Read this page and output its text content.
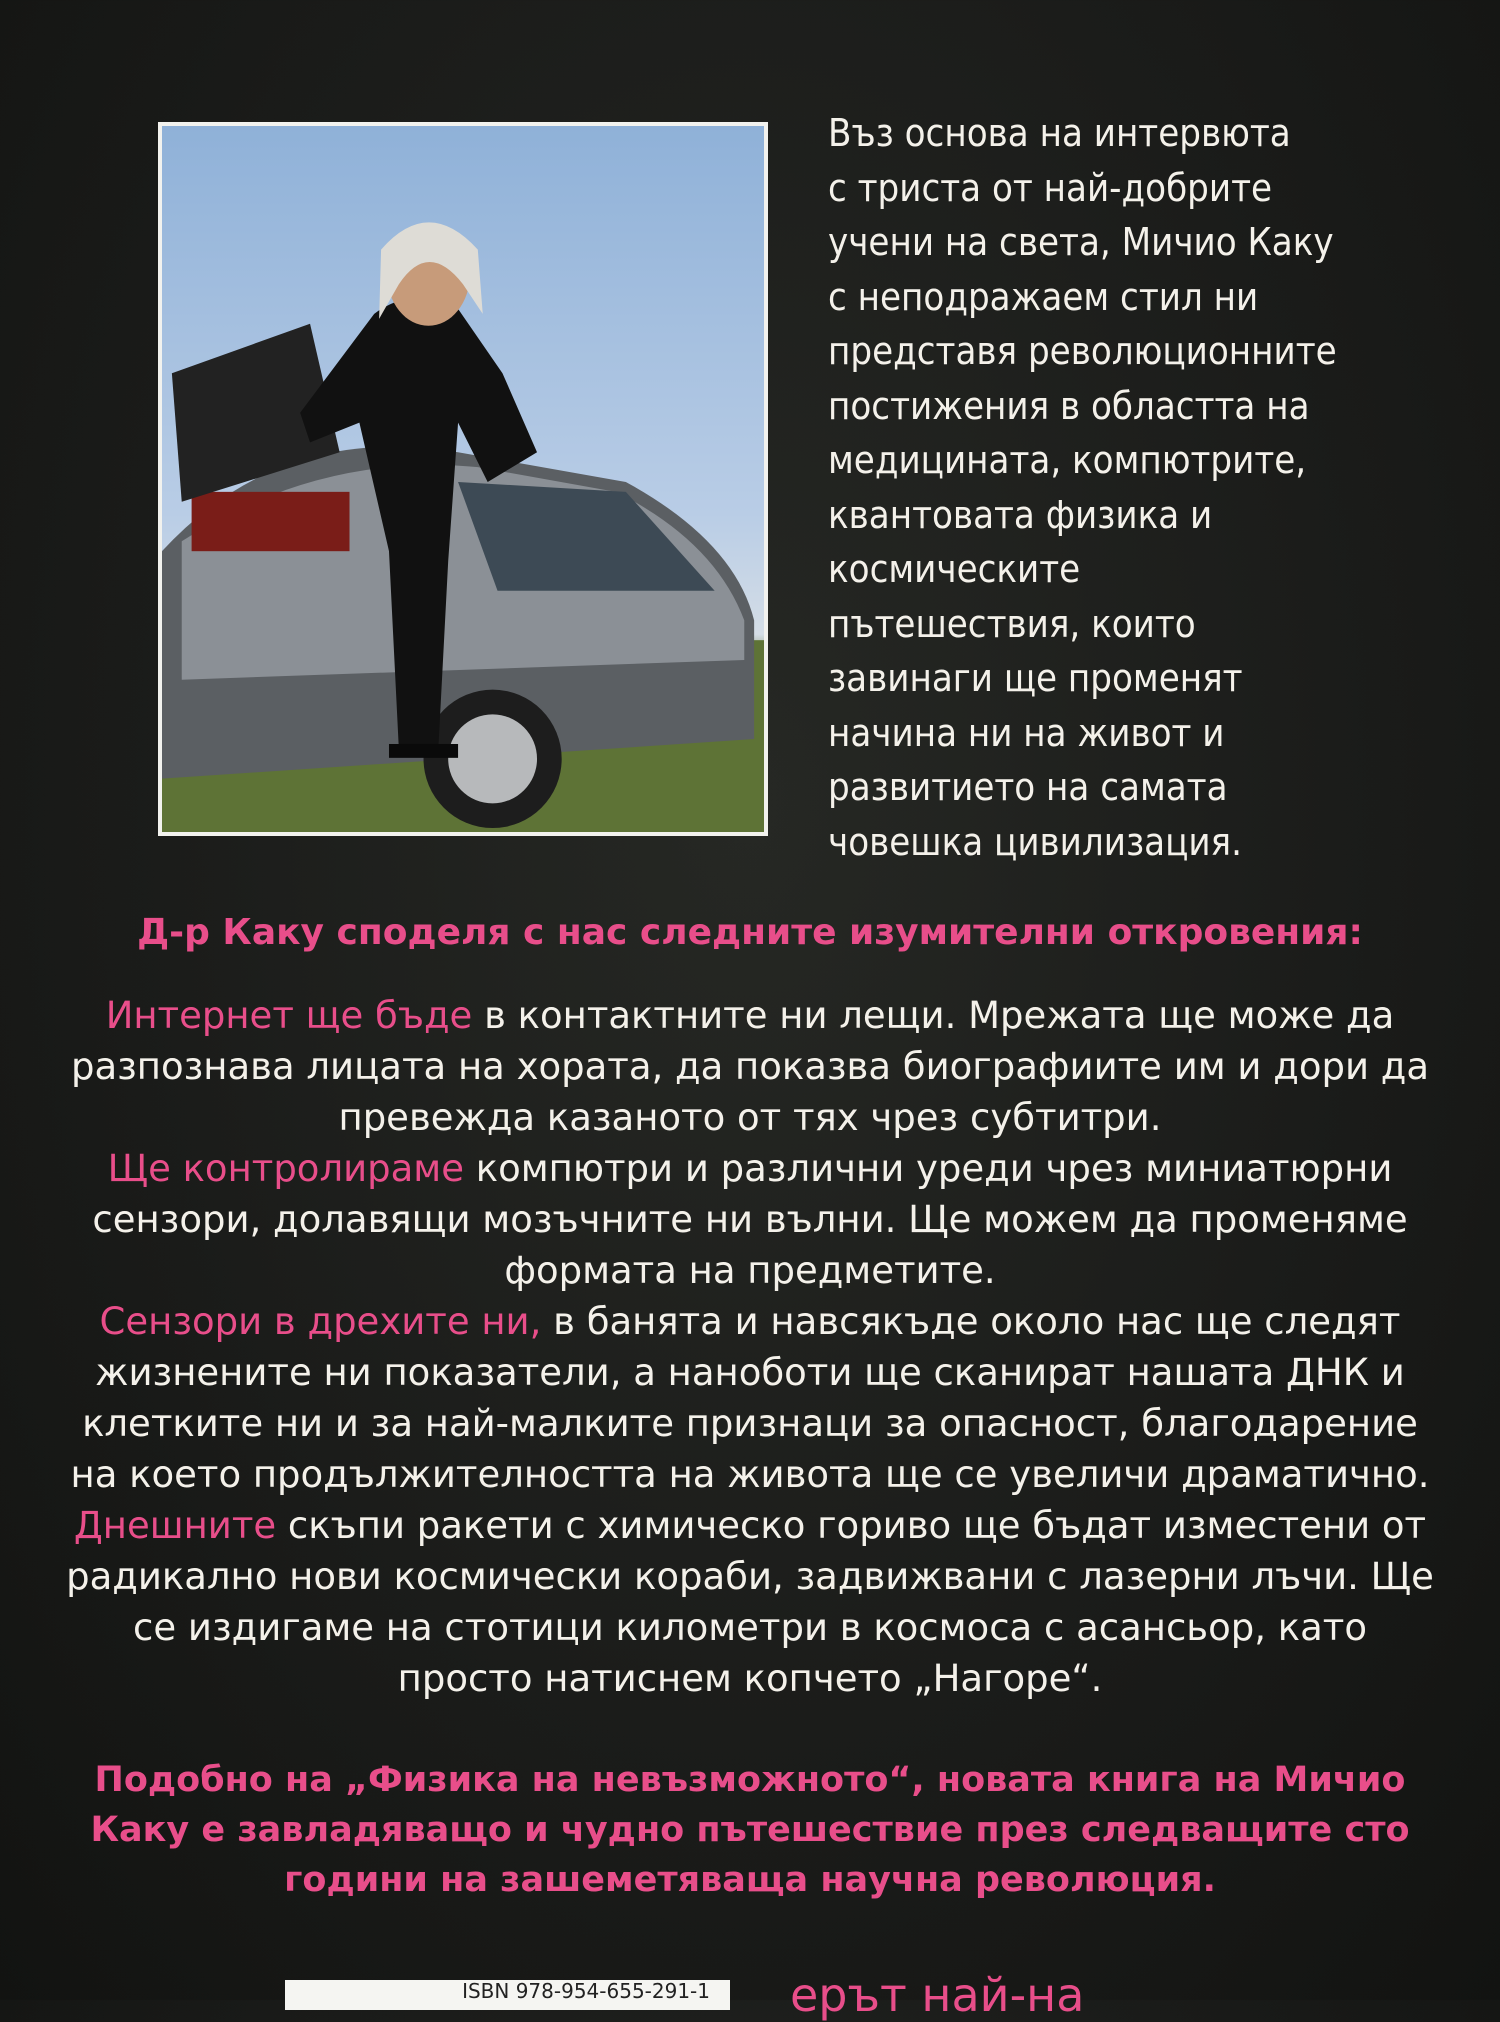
Въз основа на интервюта
с триста от най-добрите
учени на света, Мичио Каку
с неподражаем стил ни
представя революционните
постижения в областта на
медицината, компютрите,
квантовата физика и
космическите
пътешествия, които
завинаги ще променят
начина ни на живот и
развитието на самата
човешка цивилизация.
Д-р Каку споделя с нас следните изумителни откровения:

Интернет ще бъде в контактните ни лещи. Мрежата ще може да разпознава лицата на хората, да показва биографиите им и дори да превежда казаното от тях чрез субтитри.

Ще контролираме компютри и различни уреди чрез миниатюрни сензори, долавящи мозъчните ни вълни. Ще можем да променяме формата на предметите.

Сензори в дрехите ни, в банята и навсякъде около нас ще следят жизнените ни показатели, а наноботи ще сканират нашата ДНК и клетките ни и за най-малките признаци за опасност, благодарение на което продължителността на живота ще се увеличи драматично.

Днешните скъпи ракети с химическо гориво ще бъдат изместени от радикално нови космически кораби, задвижвани с лазерни лъчи. Ще се издигаме на стотици километри в космоса с асансьор, като просто натиснем копчето „Нагоре“.

Подобно на „Физика на невъзможното“, новата книга на Мичио Каку е завладяващо и чудно пътешествие през следващите сто години на зашеметяваща научна революция.
ISBN 978-954-655-291-1	ерът най-на
